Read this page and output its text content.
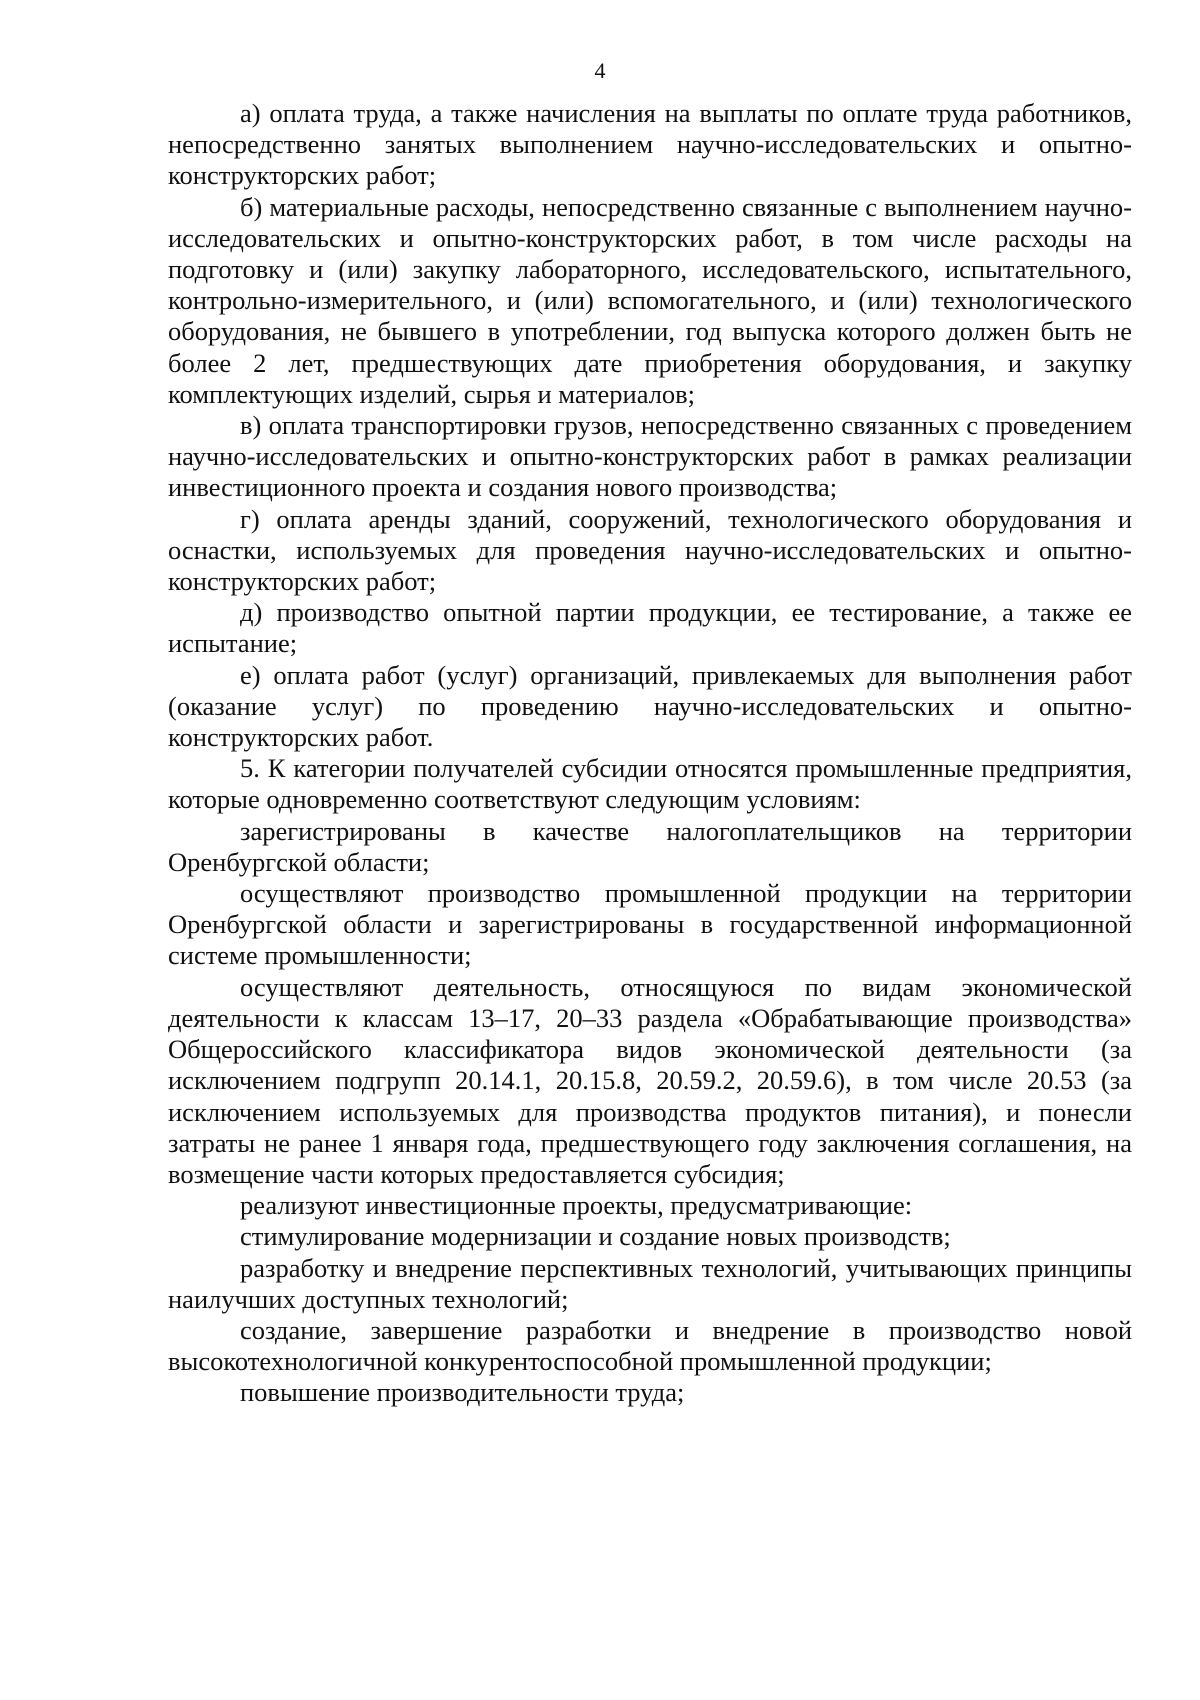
4

а) оплата труда, а также начисления на выплаты по оплате труда работников, непосредственно занятых выполнением научно-исследовательских и опытно-конструкторских работ;

б) материальные расходы, непосредственно связанные с выполнением научно-исследовательских и опытно-конструкторских работ, в том числе расходы на подготовку и (или) закупку лабораторного, исследовательского, испытательного, контрольно-измерительного, и (или) вспомогательного, и (или) технологического оборудования, не бывшего в употреблении, год выпуска которого должен быть не более 2 лет, предшествующих дате приобретения оборудования, и закупку комплектующих изделий, сырья и материалов;

в) оплата транспортировки грузов, непосредственно связанных с проведением научно-исследовательских и опытно-конструкторских работ в рамках реализации инвестиционного проекта и создания нового производства;

г) оплата аренды зданий, сооружений, технологического оборудования и оснастки, используемых для проведения научно-исследовательских и опытно-конструкторских работ;

д) производство опытной партии продукции, ее тестирование, а также ее испытание;

е) оплата работ (услуг) организаций, привлекаемых для выполнения работ (оказание услуг) по проведению научно-исследовательских и опытно-конструкторских работ.

5. К категории получателей субсидии относятся промышленные предприятия, которые одновременно соответствуют следующим условиям:

зарегистрированы в качестве налогоплательщиков на территории Оренбургской области;

осуществляют производство промышленной продукции на территории Оренбургской области и зарегистрированы в государственной информационной системе промышленности;

осуществляют деятельность, относящуюся по видам экономической деятельности к классам 13–17, 20–33 раздела «Обрабатывающие производства» Общероссийского классификатора видов экономической деятельности (за исключением подгрупп 20.14.1, 20.15.8, 20.59.2, 20.59.6), в том числе 20.53 (за исключением используемых для производства продуктов питания), и понесли затраты не ранее 1 января года, предшествующего году заключения соглашения, на возмещение части которых предоставляется субсидия;

реализуют инвестиционные проекты, предусматривающие:

стимулирование модернизации и создание новых производств;

разработку и внедрение перспективных технологий, учитывающих принципы наилучших доступных технологий;

создание, завершение разработки и внедрение в производство новой высокотехнологичной конкурентоспособной промышленной продукции;

повышение производительности труда;
